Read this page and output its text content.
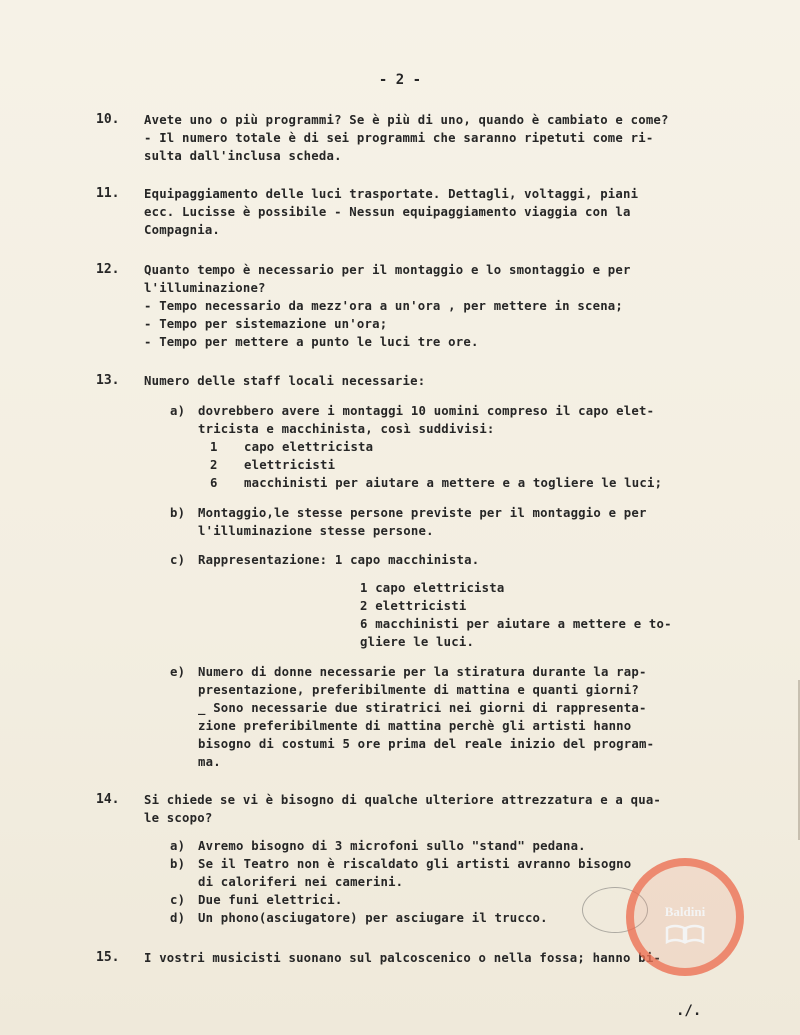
- 2 -
10. Avete uno o più programmi? Se è più di uno, quando è cambiato e come?
- Il numero totale è di sei programmi che saranno ripetuti come ri-
sulta dall'inclusa scheda.
11. Equipaggiamento delle luci trasportate. Dettagli, voltaggi, piani
ecc. Lucisse è possibile - Nessun equipaggiamento viaggia con la
Compagnia.
12. Quanto tempo è necessario per il montaggio e lo smontaggio e per
l'illuminazione?
- Tempo necessario da mezz'ora a un'ora , per mettere in scena;
- Tempo per sistemazione un'ora;
- Tempo per mettere a punto le luci tre ore.
13. Numero delle staff locali necessarie:
a) dovrebbero avere i montaggi 10 uomini compreso il capo elet-
tricista e macchinista, così suddivisi:
1 capo elettricista
2 elettricisti
6 macchinisti per aiutare a mettere e a togliere le luci;
b) Montaggio,le stesse persone previste per il montaggio e per
l'illuminazione stesse persone.
c) Rappresentazione: 1 capo macchinista.
1 capo elettricista
2 elettricisti
6 macchinisti per aiutare a mettere e to-
gliere le luci.
e) Numero di donne necessarie per la stiratura durante la rap-
presentazione, preferibilmente di mattina e quanti giorni?
_ Sono necessarie due stiratrici nei giorni di rappresenta-
zione preferibilmente di mattina perchè gli artisti hanno
bisogno di costumi 5 ore prima del reale inizio del program-
ma.
14. Si chiede se vi è bisogno di qualche ulteriore attrezzatura e a qua-
le scopo?
a) Avremo bisogno di 3 microfoni sullo "stand" pedana.
b) Se il Teatro non è riscaldato gli artisti avranno bisogno
di caloriferi nei camerini.
c) Due funi elettrici.
d) Un phono(asciugatore) per asciugare il trucco.
15. I vostri musicisti suonano sul palcoscenico o nella fossa; hanno bi-
./.
Baldini
